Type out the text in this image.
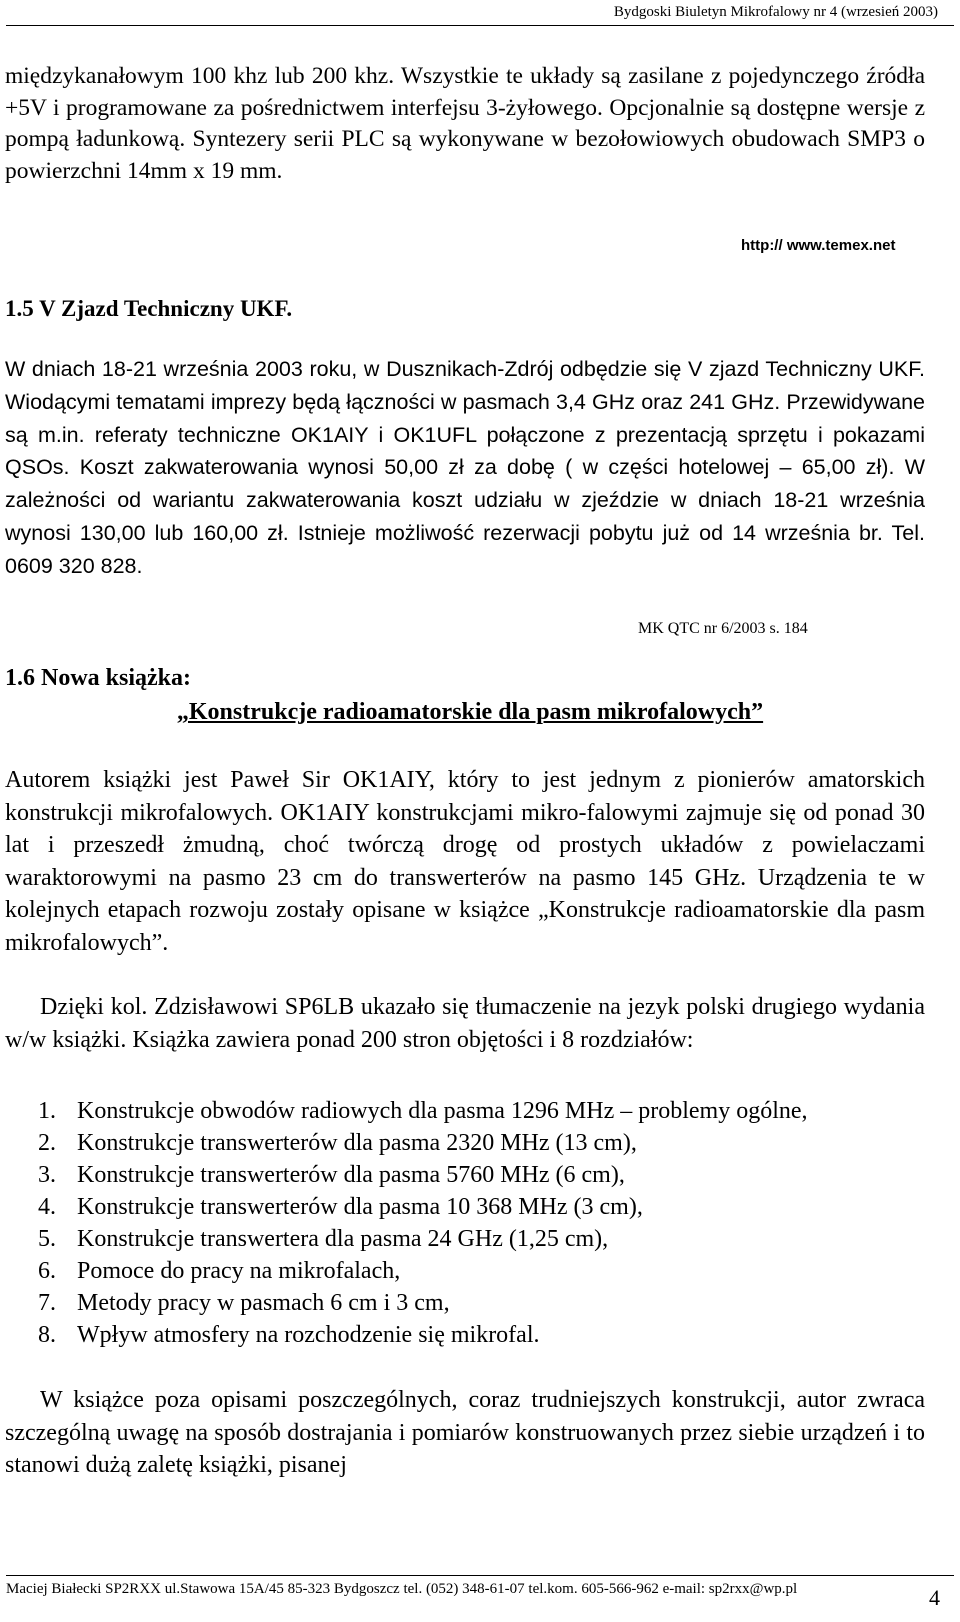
Bydgoski Biuletyn Mikrofalowy nr 4 (wrzesień 2003)

międzykanałowym 100 khz lub 200 khz. Wszystkie te układy są zasilane z pojedynczego źródła +5V i programowane za pośrednictwem interfejsu 3-żyłowego. Opcjonalnie są dostępne wersje z pompą ładunkową. Syntezery serii PLC są wykonywane w bezołowiowych obudowach SMP3 o powierzchni 14mm x 19 mm.

http:// www.temex.net
1.5 V Zjazd Techniczny UKF.

W dniach 18-21 września 2003 roku, w Dusznikach-Zdrój odbędzie się V zjazd Techniczny UKF. Wiodącymi tematami imprezy będą łączności w pasmach 3,4 GHz oraz 241 GHz. Przewidywane są m.in. referaty techniczne OK1AIY i OK1UFL połączone z prezentacją sprzętu i pokazami QSOs. Koszt zakwaterowania wynosi 50,00 zł za dobę ( w części hotelowej – 65,00 zł). W zależności od wariantu zakwaterowania koszt udziału w zjeździe w dniach 18-21 września wynosi 130,00 lub 160,00 zł. Istnieje możliwość rezerwacji pobytu już od 14 września br. Tel. 0609 320 828.

MK QTC nr 6/2003 s. 184
1.6 Nowa książka:
„Konstrukcje radioamatorskie dla pasm mikrofalowych”

Autorem książki jest Paweł Sir OK1AIY, który to jest jednym z pionierów amatorskich konstrukcji mikrofalowych. OK1AIY konstrukcjami mikro-falowymi zajmuje się od ponad 30 lat i przeszedł żmudną, choć twórczą drogę od prostych układów z powielaczami waraktorowymi na pasmo 23 cm do transwerterów na pasmo 145 GHz. Urządzenia te w kolejnych etapach rozwoju zostały opisane w książce „Konstrukcje radioamatorskie dla pasm mikrofalowych”.

Dzięki kol. Zdzisławowi SP6LB ukazało się tłumaczenie na jezyk polski drugiego wydania w/w książki. Książka zawiera ponad 200 stron objętości i 8 rozdziałów:

1. Konstrukcje obwodów radiowych dla pasma 1296 MHz – problemy ogólne,
2. Konstrukcje transwerterów dla pasma 2320 MHz (13 cm),
3. Konstrukcje transwerterów dla pasma 5760 MHz (6 cm),
4. Konstrukcje transwerterów dla pasma 10 368 MHz (3 cm),
5. Konstrukcje transwertera dla pasma 24 GHz (1,25 cm),
6. Pomoce do pracy na mikrofalach,
7. Metody pracy w pasmach 6 cm i 3 cm,
8. Wpływ atmosfery na rozchodzenie się mikrofal.

W książce poza opisami poszczególnych, coraz trudniejszych konstrukcji, autor zwraca szczególną uwagę na sposób dostrajania i pomiarów konstruowanych przez siebie urządzeń i to stanowi dużą zaletę książki, pisanej

Maciej Białecki SP2RXX ul.Stawowa 15A/45 85-323 Bydgoszcz tel. (052) 348-61-07 tel.kom. 605-566-962 e-mail: sp2rxx@wp.pl	4
